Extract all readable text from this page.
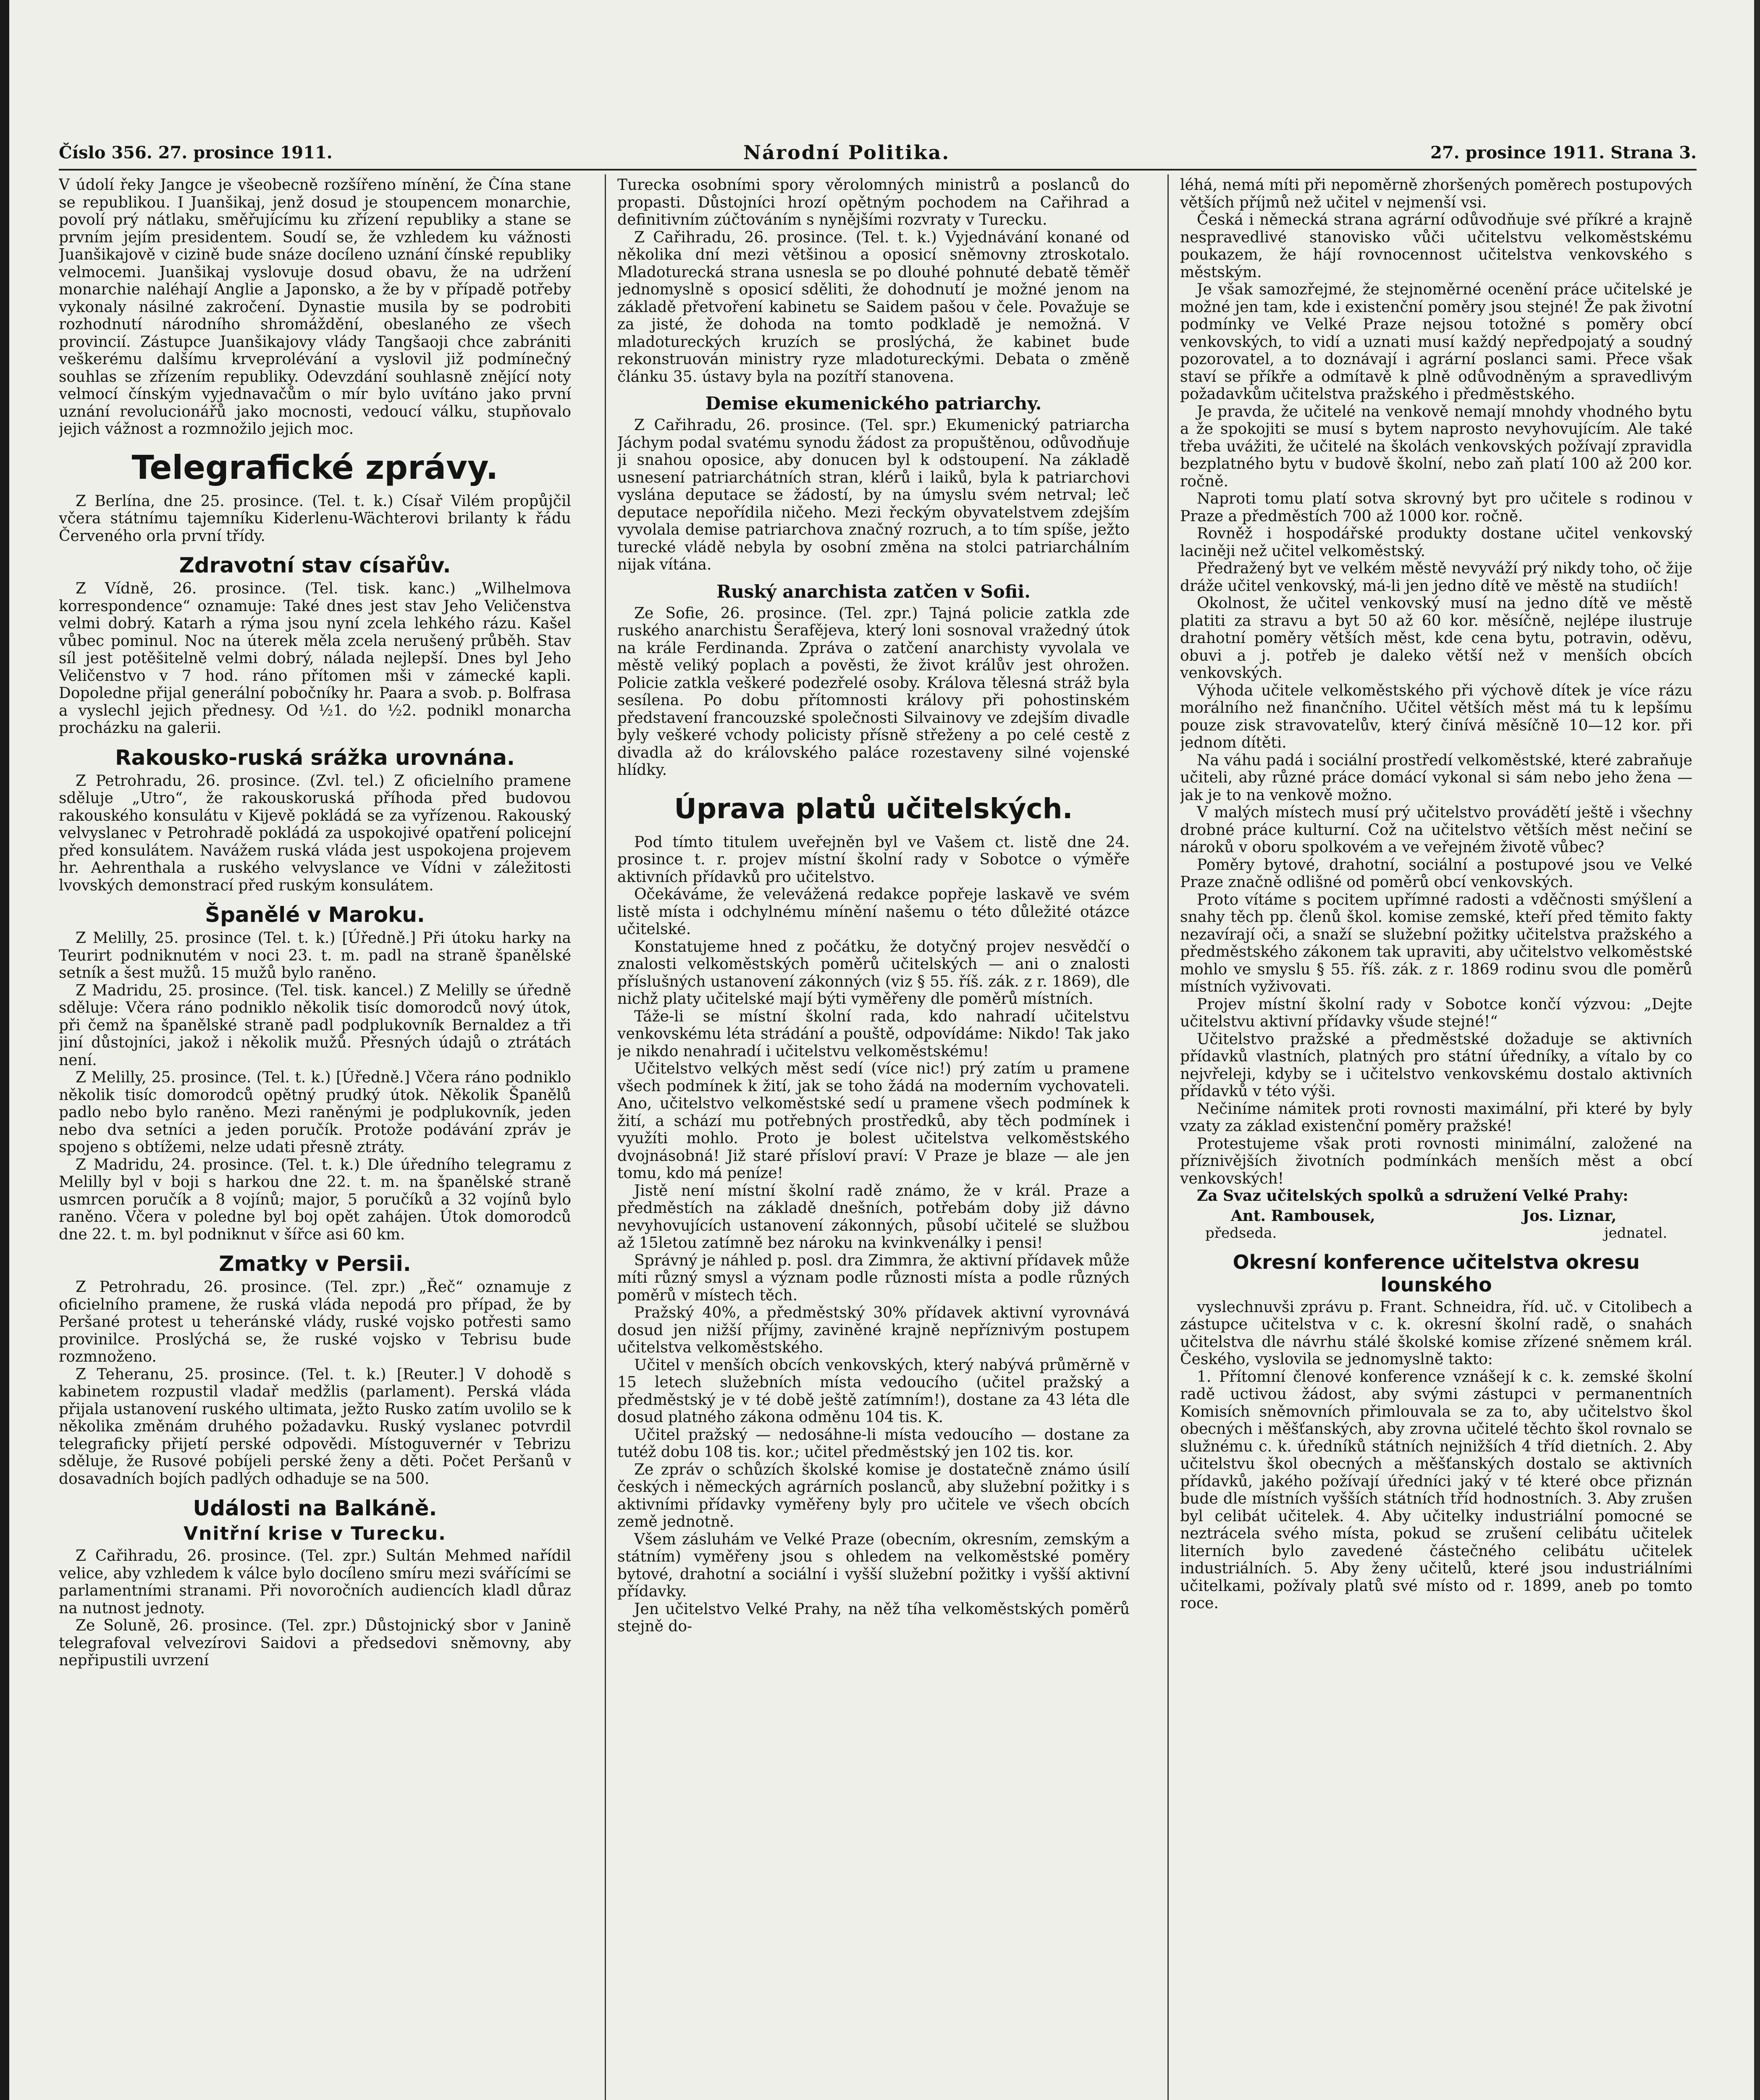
Číslo 356. 27. prosince 1911.	Národní Politika.	27. prosince 1911. Strana 3.

V údolí řeky Jangce je všeobecně rozšířeno mínění, že Čína stane se republikou. I Juanšikaj, jenž dosud je stoupencem monarchie, povolí prý nátlaku, směřujícímu ku zřízení republiky a stane se prvním jejím presidentem. Soudí se, že vzhledem ku vážnosti Juanšikajově v cizině bude snáze docíleno uznání čínské republiky velmocemi. Juanšikaj vyslovuje dosud obavu, že na udržení monarchie naléhají Anglie a Japonsko, a že by v případě potřeby vykonaly násilné zakročení. Dynastie musila by se podrobiti rozhodnutí národního shromáždění, obeslaného ze všech provincií. Zástupce Juanšikajovy vlády Tangšaoji chce zabrániti veškerému dalšímu krveprolévání a vyslovil již podmínečný souhlas se zřízením republiky. Odevzdání souhlasně znějící noty velmocí čínským vyjednavačům o mír bylo uvítáno jako první uznání revolucionářů jako mocnosti, vedoucí válku, stupňovalo jejich vážnost a rozmnožilo jejich moc.

Telegrafické zprávy.

Z Berlína, dne 25. prosince. (Tel. t. k.) Císař Vilém propůjčil včera státnímu tajemníku Kiderlenu-Wächterovi brilanty k řádu Červeného orla první třídy.

Zdravotní stav císařův.

Z Vídně, 26. prosince. (Tel. tisk. kanc.) „Wilhelmova korrespondence“ oznamuje: Také dnes jest stav Jeho Veličenstva velmi dobrý. Katarh a rýma jsou nyní zcela lehkého rázu. Kašel vůbec pominul. Noc na úterek měla zcela nerušený průběh. Stav síl jest potěšitelně velmi dobrý, nálada nejlepší. Dnes byl Jeho Veličenstvo v 7 hod. ráno přítomen mši v zámecké kapli. Dopoledne přijal generální pobočníky hr. Paara a svob. p. Bolfrasa a vyslechl jejich přednesy. Od ½1. do ½2. podnikl monarcha procházku na galerii.

Rakousko-ruská srážka urovnána.

Z Petrohradu, 26. prosince. (Zvl. tel.) Z oficielního pramene sděluje „Utro“, že rakouskoruská příhoda před budovou rakouského konsulátu v Kijevě pokládá se za vyřízenou. Rakouský velvyslanec v Petrohradě pokládá za uspokojivé opatření policejní před konsulátem. Navážem ruská vláda jest uspokojena projevem hr. Aehrenthala a ruského velvyslance ve Vídni v záležitosti lvovských demonstrací před ruským konsulátem.

Španělé v Maroku.

Z Melilly, 25. prosince (Tel. t. k.) [Úředně.] Při útoku harky na Teurirt podniknutém v noci 23. t. m. padl na straně španělské setník a šest mužů. 15 mužů bylo raněno.

Z Madridu, 25. prosince. (Tel. tisk. kancel.) Z Melilly se úředně sděluje: Včera ráno podniklo několik tisíc domorodců nový útok, při čemž na španělské straně padl podplukovník Bernaldez a tři jiní důstojníci, jakož i několik mužů. Přesných údajů o ztrátách není.

Z Melilly, 25. prosince. (Tel. t. k.) [Úředně.] Včera ráno podniklo několik tisíc domorodců opětný prudký útok. Několik Španělů padlo nebo bylo raněno. Mezi raněnými je podplukovník, jeden nebo dva setníci a jeden poručík. Protože podávání zpráv je spojeno s obtížemi, nelze udati přesně ztráty.

Z Madridu, 24. prosince. (Tel. t. k.) Dle úředního telegramu z Melilly byl v boji s harkou dne 22. t. m. na španělské straně usmrcen poručík a 8 vojínů; major, 5 poručíků a 32 vojínů bylo raněno. Včera v poledne byl boj opět zahájen. Útok domorodců dne 22. t. m. byl podniknut v šířce asi 60 km.

Zmatky v Persii.

Z Petrohradu, 26. prosince. (Tel. zpr.) „Řeč“ oznamuje z oficielního pramene, že ruská vláda nepodá pro případ, že by Peršané protest u teheránské vlády, ruské vojsko potřesti samo provinilce. Proslýchá se, že ruské vojsko v Tebrisu bude rozmnoženo.

Z Teheranu, 25. prosince. (Tel. t. k.) [Reuter.] V dohodě s kabinetem rozpustil vladař medžlis (parlament). Perská vláda přijala ustanovení ruského ultimata, ježto Rusko zatím uvolilo se k několika změnám druhého požadavku. Ruský vyslanec potvrdil telegraficky přijetí perské odpovědi. Místoguvernér v Tebrizu sděluje, že Rusové pobíjeli perské ženy a děti. Počet Peršanů v dosavadních bojích padlých odhaduje se na 500.

Události na Balkáně.
Vnitřní krise v Turecku.

Z Cařihradu, 26. prosince. (Tel. zpr.) Sultán Mehmed nařídil velice, aby vzhledem k válce bylo docíleno smíru mezi svářícími se parlamentními stranami. Při novoročních audiencích kladl důraz na nutnost jednoty.

Ze Soluně, 26. prosince. (Tel. zpr.) Důstojnický sbor v Janině telegrafoval velvezírovi Saidovi a předsedovi sněmovny, aby nepřipustili uvrzení

Turecka osobními spory věrolomných ministrů a poslanců do propasti. Důstojníci hrozí opětným pochodem na Cařihrad a definitivním zúčtováním s nynějšími rozvraty v Turecku.

Z Cařihradu, 26. prosince. (Tel. t. k.) Vyjednávání konané od několika dní mezi většinou a oposicí sněmovny ztroskotalo. Mladoturecká strana usnesla se po dlouhé pohnuté debatě těměř jednomyslně s oposicí sděliti, že dohodnutí je možné jenom na základě přetvoření kabinetu se Saidem pašou v čele. Považuje se za jisté, že dohoda na tomto podkladě je nemožná. V mladotureckých kruzích se proslýchá, že kabinet bude rekonstruován ministry ryze mladotureckými. Debata o změně článku 35. ústavy byla na pozítří stanovena.

Demise ekumenického patriarchy.

Z Cařihradu, 26. prosince. (Tel. spr.) Ekumenický patriarcha Jáchym podal svatému synodu žádost za propuštěnou, odůvodňuje ji snahou oposice, aby donucen byl k odstoupení. Na základě usnesení patriarchátních stran, klérů i laiků, byla k patriarchovi vyslána deputace se žádostí, by na úmyslu svém netrval; leč deputace nepořídila ničeho. Mezi řeckým obyvatelstvem zdejším vyvolala demise patriarchova značný rozruch, a to tím spíše, ježto turecké vládě nebyla by osobní změna na stolci patriarchálním nijak vítána.

Ruský anarchista zatčen v Sofii.

Ze Sofie, 26. prosince. (Tel. zpr.) Tajná policie zatkla zde ruského anarchistu Šerafějeva, který loni sosnoval vražedný útok na krále Ferdinanda. Zpráva o zatčení anarchisty vyvolala ve městě veliký poplach a pověsti, že život králův jest ohrožen. Policie zatkla veškeré podezřelé osoby. Králova tělesná stráž byla sesílena. Po dobu přítomnosti královy při pohostinském představení francouzské společnosti Silvainovy ve zdejším divadle byly veškeré vchody policisty přísně střeženy a po celé cestě z divadla až do královského paláce rozestaveny silné vojenské hlídky.

Úprava platů učitelských.

Pod tímto titulem uveřejněn byl ve Vašem ct. listě dne 24. prosince t. r. projev místní školní rady v Sobotce o výměře aktivních přídavků pro učitelstvo.

Očekáváme, že velevážená redakce popřeje laskavě ve svém listě místa i odchylnému mínění našemu o této důležité otázce učitelské.

Konstatujeme hned z počátku, že dotyčný projev nesvědčí o znalosti velkoměstských poměrů učitelských — ani o znalosti příslušných ustanovení zákonných (viz § 55. říš. zák. z r. 1869), dle nichž platy učitelské mají býti vyměřeny dle poměrů místních.

Táže-li se místní školní rada, kdo nahradí učitelstvu venkovskému léta strádání a pouště, odpovídáme: Nikdo! Tak jako je nikdo nenahradí i učitelstvu velkoměstskému!

Učitelstvo velkých měst sedí (více nic!) prý zatím u pramene všech podmínek k žití, jak se toho žádá na moderním vychovateli. Ano, učitelstvo velkoměstské sedí u pramene všech podmínek k žití, a schází mu potřebných prostředků, aby těch podmínek i využíti mohlo. Proto je bolest učitelstva velkoměstského dvojnásobná! Již staré přísloví praví: V Praze je blaze — ale jen tomu, kdo má peníze!

Jistě není místní školní radě známo, že v král. Praze a předměstích na základě dnešních, potřebám doby již dávno nevyhovujících ustanovení zákonných, působí učitelé se službou až 15letou zatímně bez nároku na kvinkvenálky i pensi!

Správný je náhled p. posl. dra Zimmra, že aktivní přídavek může míti různý smysl a význam podle různosti místa a podle různých poměrů v místech těch.

Pražský 40%, a předměstský 30% přídavek aktivní vyrovnává dosud jen nižší příjmy, zaviněné krajně nepříznivým postupem učitelstva velkoměstského.

Učitel v menších obcích venkovských, který nabývá průměrně v 15 letech služebních místa vedoucího (učitel pražský a předměstský je v té době ještě zatímním!), dostane za 43 léta dle dosud platného zákona odměnu 104 tis. K.

Učitel pražský — nedosáhne-li místa vedoucího — dostane za tutéž dobu 108 tis. kor.; učitel předměstský jen 102 tis. kor.

Ze zpráv o schůzích školské komise je dostatečně známo úsilí českých i německých agrárních poslanců, aby služební požitky i s aktivními přídavky vyměřeny byly pro učitele ve všech obcích země jednotně.

Všem zásluhám ve Velké Praze (obecním, okresním, zemským a státním) vyměřeny jsou s ohledem na velkoměstské poměry bytové, drahotní a sociální i vyšší služební požitky i vyšší aktivní přídavky.

Jen učitelstvo Velké Prahy, na něž tíha velkoměstských poměrů stejně do-

léhá, nemá míti při nepoměrně zhoršených poměrech postupových větších příjmů než učitel v nejmenší vsi.

Česká i německá strana agrární odůvodňuje své příkré a krajně nespravedlivé stanovisko vůči učitelstvu velkoměstskému poukazem, že hájí rovnocennost učitelstva venkovského s městským.

Je však samozřejmé, že stejnoměrné ocenění práce učitelské je možné jen tam, kde i existenční poměry jsou stejné! Že pak životní podmínky ve Velké Praze nejsou totožné s poměry obcí venkovských, to vidí a uznati musí každý nepředpojatý a soudný pozorovatel, a to doznávají i agrární poslanci sami. Přece však staví se příkře a odmítavě k plně odůvodněným a spravedlivým požadavkům učitelstva pražského i předměstského.

Je pravda, že učitelé na venkově nemají mnohdy vhodného bytu a že spokojiti se musí s bytem naprosto nevyhovujícím. Ale také třeba uvážiti, že učitelé na školách venkovských požívají zpravidla bezplatného bytu v budově školní, nebo zaň platí 100 až 200 kor. ročně.

Naproti tomu platí sotva skrovný byt pro učitele s rodinou v Praze a předměstích 700 až 1000 kor. ročně.

Rovněž i hospodářské produkty dostane učitel venkovský laciněji než učitel velkoměstský.

Předražený byt ve velkém městě nevyváží prý nikdy toho, oč žije dráže učitel venkovský, má-li jen jedno dítě ve městě na studiích!

Okolnost, že učitel venkovský musí na jedno dítě ve městě platiti za stravu a byt 50 až 60 kor. měsíčně, nejlépe ilustruje drahotní poměry větších měst, kde cena bytu, potravin, oděvu, obuvi a j. potřeb je daleko větší než v menších obcích venkovských.

Výhoda učitele velkoměstského při výchově dítek je více rázu morálního než finančního. Učitel větších měst má tu k lepšímu pouze zisk stravovatelův, který činívá měsíčně 10—12 kor. při jednom dítěti.

Na váhu padá i sociální prostředí velkoměstské, které zabraňuje učiteli, aby různé práce domácí vykonal si sám nebo jeho žena — jak je to na venkově možno.

V malých místech musí prý učitelstvo provádětí ještě i všechny drobné práce kulturní. Což na učitelstvo větších měst nečiní se nároků v oboru spolkovém a ve veřejném životě vůbec?

Poměry bytové, drahotní, sociální a postupové jsou ve Velké Praze značně odlišné od poměrů obcí venkovských.

Proto vítáme s pocitem upřímné radosti a vděčnosti smýšlení a snahy těch pp. členů škol. komise zemské, kteří před těmito fakty nezavírají oči, a snaží se služební požitky učitelstva pražského a předměstského zákonem tak upraviti, aby učitelstvo velkoměstské mohlo ve smyslu § 55. říš. zák. z r. 1869 rodinu svou dle poměrů místních vyživovati.

Projev místní školní rady v Sobotce končí výzvou: „Dejte učitelstvu aktivní přídavky všude stejné!“

Učitelstvo pražské a předměstské dožaduje se aktivních přídavků vlastních, platných pro státní úředníky, a vítalo by co nejvřeleji, kdyby se i učitelstvo venkovskému dostalo aktivních přídavků v této výši.

Nečiníme námitek proti rovnosti maximální, při které by byly vzaty za základ existenční poměry pražské!

Protestujeme však proti rovnosti minimální, založené na příznivějších životních podmínkách menších měst a obcí venkovských!

Za Svaz učitelských spolků a sdružení Velké Prahy:

Ant. Rambousek,	Jos. Liznar,
předseda.	jednatel.
Okresní konference učitelstva okresu lounského

vyslechnuvši zprávu p. Frant. Schneidra, říd. uč. v Citolibech a zástupce učitelstva v c. k. okresní školní radě, o snahách učitelstva dle návrhu stálé školské komise zřízené sněmem král. Českého, vyslovila se jednomyslně takto:

1. Přítomní členové konference vznášejí k c. k. zemské školní radě uctivou žádost, aby svými zástupci v permanentních Komisích sněmovních přimlouvala se za to, aby učitelstvo škol obecných i měšťanských, aby zrovna učitelé těchto škol rovnalo se služnému c. k. úředníků státních nejnižších 4 tříd dietních. 2. Aby učitelstvu škol obecných a měšťanských dostalo se aktivních přídavků, jakého požívají úředníci jaký v té které obce přiznán bude dle místních vyšších státních tříd hodnostních. 3. Aby zrušen byl celibát učitelek. 4. Aby učitelky industriální pomocné se neztrácela svého místa, pokud se zrušení celibátu učitelek literních bylo zavedené částečného celibátu učitelek industriálních. 5. Aby ženy učitelů, které jsou industriálními učitelkami, požívaly platů své místo od r. 1899, aneb po tomto roce.
